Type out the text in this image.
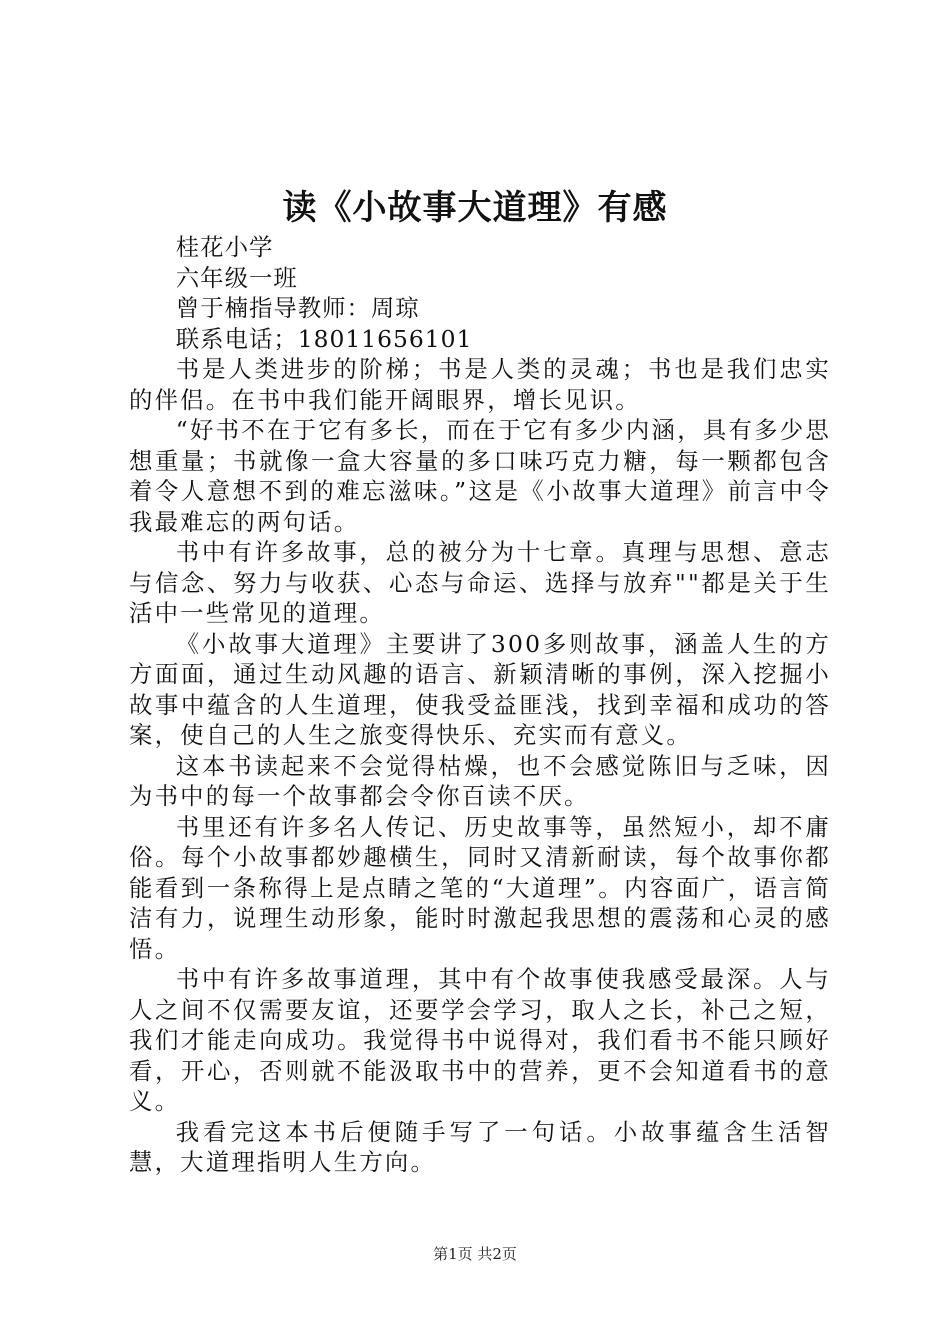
读《小故事大道理》有感

桂花小学

六年级一班

曾于楠指导教师：周琼

联系电话；18011656101

书是人类进步的阶梯；书是人类的灵魂；书也是我们忠实的伴侣。在书中我们能开阔眼界，增长见识。

“好书不在于它有多长，而在于它有多少内涵，具有多少思想重量；书就像一盒大容量的多口味巧克力糖，每一颗都包含着令人意想不到的难忘滋味。”这是《小故事大道理》前言中令我最难忘的两句话。

书中有许多故事，总的被分为十七章。真理与思想、意志与信念、努力与收获、心态与命运、选择与放弃""都是关于生活中一些常见的道理。

《小故事大道理》主要讲了300多则故事，涵盖人生的方方面面，通过生动风趣的语言、新颖清晰的事例，深入挖掘小故事中蕴含的人生道理，使我受益匪浅，找到幸福和成功的答案，使自己的人生之旅变得快乐、充实而有意义。

这本书读起来不会觉得枯燥，也不会感觉陈旧与乏味，因为书中的每一个故事都会令你百读不厌。

书里还有许多名人传记、历史故事等，虽然短小，却不庸俗。每个小故事都妙趣横生，同时又清新耐读，每个故事你都能看到一条称得上是点睛之笔的“大道理”。内容面广，语言简洁有力，说理生动形象，能时时激起我思想的震荡和心灵的感悟。

书中有许多故事道理，其中有个故事使我感受最深。人与人之间不仅需要友谊，还要学会学习，取人之长，补己之短，我们才能走向成功。我觉得书中说得对，我们看书不能只顾好看，开心，否则就不能汲取书中的营养，更不会知道看书的意义。

我看完这本书后便随手写了一句话。小故事蕴含生活智慧，大道理指明人生方向。

第1页 共2页
